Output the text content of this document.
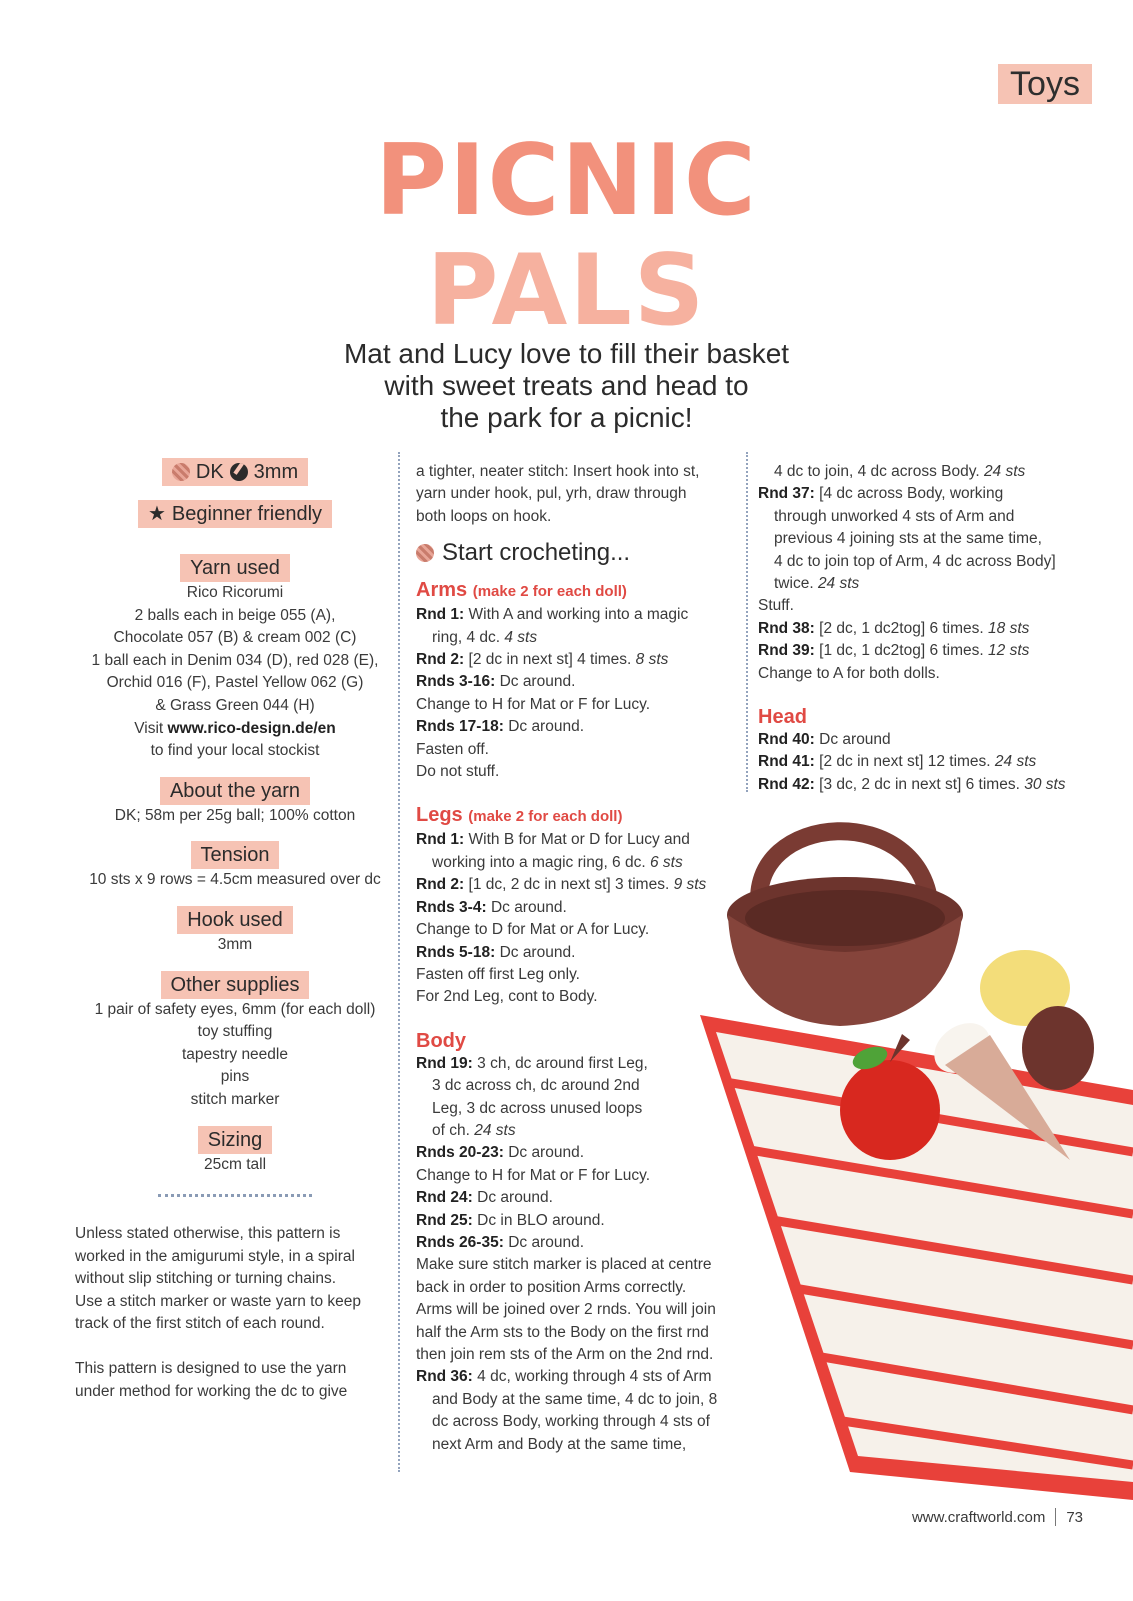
Toys
PICNIC
PALS
Mat and Lucy love to fill their basket
with sweet treats and head to
the park for a picnic!
DK 3mm
★ Beginner friendly
Yarn used
Rico Ricorumi
2 balls each in beige 055 (A),
Chocolate 057 (B) & cream 002 (C)
1 ball each in Denim 034 (D), red 028 (E),
Orchid 016 (F), Pastel Yellow 062 (G)
& Grass Green 044 (H)
Visit www.rico-design.de/en
to find your local stockist
About the yarn
DK; 58m per 25g ball; 100% cotton
Tension
10 sts x 9 rows = 4.5cm measured over dc
Hook used
3mm
Other supplies
1 pair of safety eyes, 6mm (for each doll)
toy stuffing
tapestry needle
pins
stitch marker
Sizing
25cm tall
Unless stated otherwise, this pattern is
worked in the amigurumi style, in a spiral
without slip stitching or turning chains.
Use a stitch marker or waste yarn to keep
track of the first stitch of each round.
This pattern is designed to use the yarn
under method for working the dc to give

a tighter, neater stitch: Insert hook into st,

yarn under hook, pul, yrh, draw through

both loops on hook.

Start crocheting...
Arms (make 2 for each doll)

Rnd 1: With A and working into a magic

ring, 4 dc. 4 sts

Rnd 2: [2 dc in next st] 4 times. 8 sts

Rnds 3-16: Dc around.

Change to H for Mat or F for Lucy.

Rnds 17-18: Dc around.

Fasten off.

Do not stuff.

Legs (make 2 for each doll)

Rnd 1: With B for Mat or D for Lucy and

working into a magic ring, 6 dc. 6 sts

Rnd 2: [1 dc, 2 dc in next st] 3 times. 9 sts

Rnds 3-4: Dc around.

Change to D for Mat or A for Lucy.

Rnds 5-18: Dc around.

Fasten off first Leg only.

For 2nd Leg, cont to Body.

Body

Rnd 19: 3 ch, dc around first Leg,

3 dc across ch, dc around 2nd

Leg, 3 dc across unused loops

of ch. 24 sts

Rnds 20-23: Dc around.

Change to H for Mat or F for Lucy.

Rnd 24: Dc around.

Rnd 25: Dc in BLO around.

Rnds 26-35: Dc around.

Make sure stitch marker is placed at centre

back in order to position Arms correctly.

Arms will be joined over 2 rnds. You will join

half the Arm sts to the Body on the first rnd

then join rem sts of the Arm on the 2nd rnd.

Rnd 36: 4 dc, working through 4 sts of Arm

and Body at the same time, 4 dc to join, 8

dc across Body, working through 4 sts of

next Arm and Body at the same time,

4 dc to join, 4 dc across Body. 24 sts

Rnd 37: [4 dc across Body, working

through unworked 4 sts of Arm and

previous 4 joining sts at the same time,

4 dc to join top of Arm, 4 dc across Body]

twice. 24 sts

Stuff.

Rnd 38: [2 dc, 1 dc2tog] 6 times. 18 sts

Rnd 39: [1 dc, 1 dc2tog] 6 times. 12 sts

Change to A for both dolls.

Head

Rnd 40: Dc around

Rnd 41: [2 dc in next st] 12 times. 24 sts

Rnd 42: [3 dc, 2 dc in next st] 6 times. 30 sts

www.craftworld.com 73
